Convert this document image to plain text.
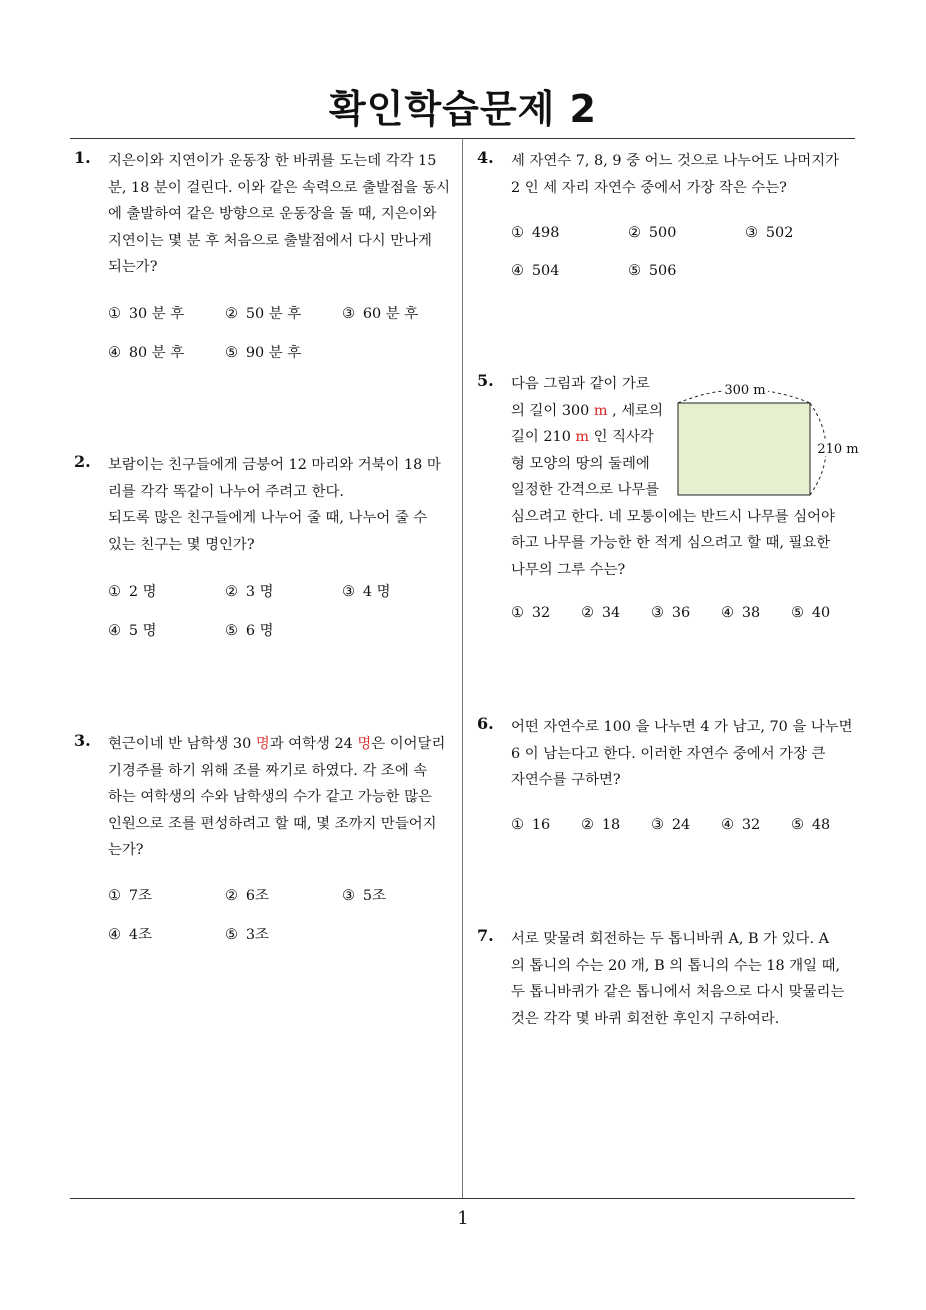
확인학습문제 2
1. 지은이와 지연이가 운동장 한 바퀴를 도는데 각각 15

분, 18 분이 걸린다. 이와 같은 속력으로 출발점을 동시

에 출발하여 같은 방향으로 운동장을 돌 때, 지은이와

지연이는 몇 분 후 처음으로 출발점에서 다시 만나게

되는가?

① 30 분 후	② 50 분 후	③ 60 분 후
④ 80 분 후	⑤ 90 분 후
2. 보람이는 친구들에게 금붕어 12 마리와 거북이 18 마

리를 각각 똑같이 나누어 주려고 한다.

되도록 많은 친구들에게 나누어 줄 때, 나누어 줄 수

있는 친구는 몇 명인가?

① 2 명	② 3 명	③ 4 명
④ 5 명	⑤ 6 명
3. 현근이네 반 남학생 30 명과 여학생 24 명은 이어달리

기경주를 하기 위해 조를 짜기로 하였다. 각 조에 속

하는 여학생의 수와 남학생의 수가 같고 가능한 많은

인원으로 조를 편성하려고 할 때, 몇 조까지 만들어지

는가?

① 7조	② 6조	③ 5조
④ 4조	⑤ 3조
4. 세 자연수 7, 8, 9 중 어느 것으로 나누어도 나머지가

2 인 세 자리 자연수 중에서 가장 작은 수는?

① 498	② 500	③ 502
④ 504	⑤ 506
5. 다음 그림과 같이 가로

의 길이 300 m , 세로의

길이 210 m 인 직사각

형 모양의 땅의 둘레에

일정한 간격으로 나무를

심으려고 한다. 네 모퉁이에는 반드시 나무를 심어야

하고 나무를 가능한 한 적게 심으려고 할 때, 필요한

나무의 그루 수는?

① 32 ② 34 ③ 36 ④ 38 ⑤ 40
300 m
210 m
6. 어떤 자연수로 100 을 나누면 4 가 남고, 70 을 나누면

6 이 남는다고 한다. 이러한 자연수 중에서 가장 큰

자연수를 구하면?

① 16 ② 18 ③ 24 ④ 32 ⑤ 48
7. 서로 맞물려 회전하는 두 톱니바퀴 A, B 가 있다. A

의 톱니의 수는 20 개, B 의 톱니의 수는 18 개일 때,

두 톱니바퀴가 같은 톱니에서 처음으로 다시 맞물리는

것은 각각 몇 바퀴 회전한 후인지 구하여라.

1
